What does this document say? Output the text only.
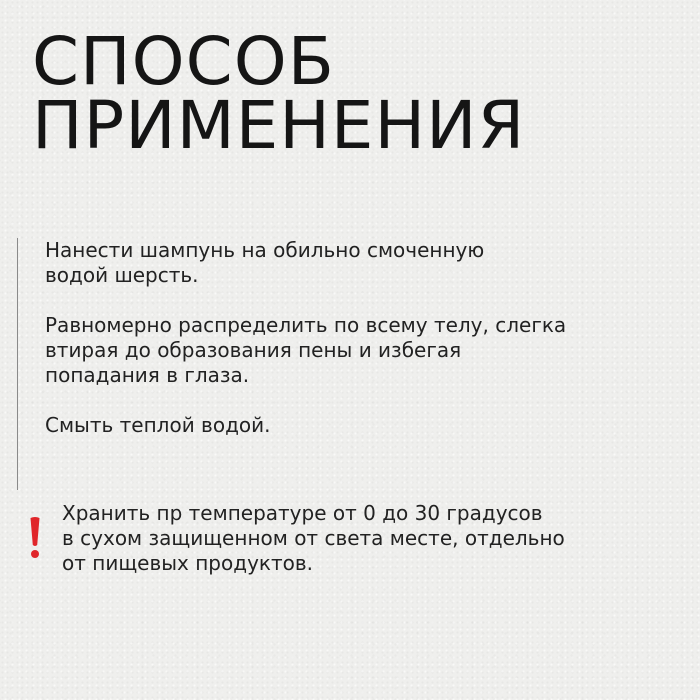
СПОСОБ
ПРИМЕНЕНИЯ

Нанести шампунь на обильно смоченную
водой шерсть.

Равномерно распределить по всему телу, слегка
втирая до образования пены и избегая
попадания в глаза.

Смыть теплой водой.

Хранить пр температуре от 0 до 30 градусов
в сухом защищенном от света месте, отдельно
от пищевых продуктов.
